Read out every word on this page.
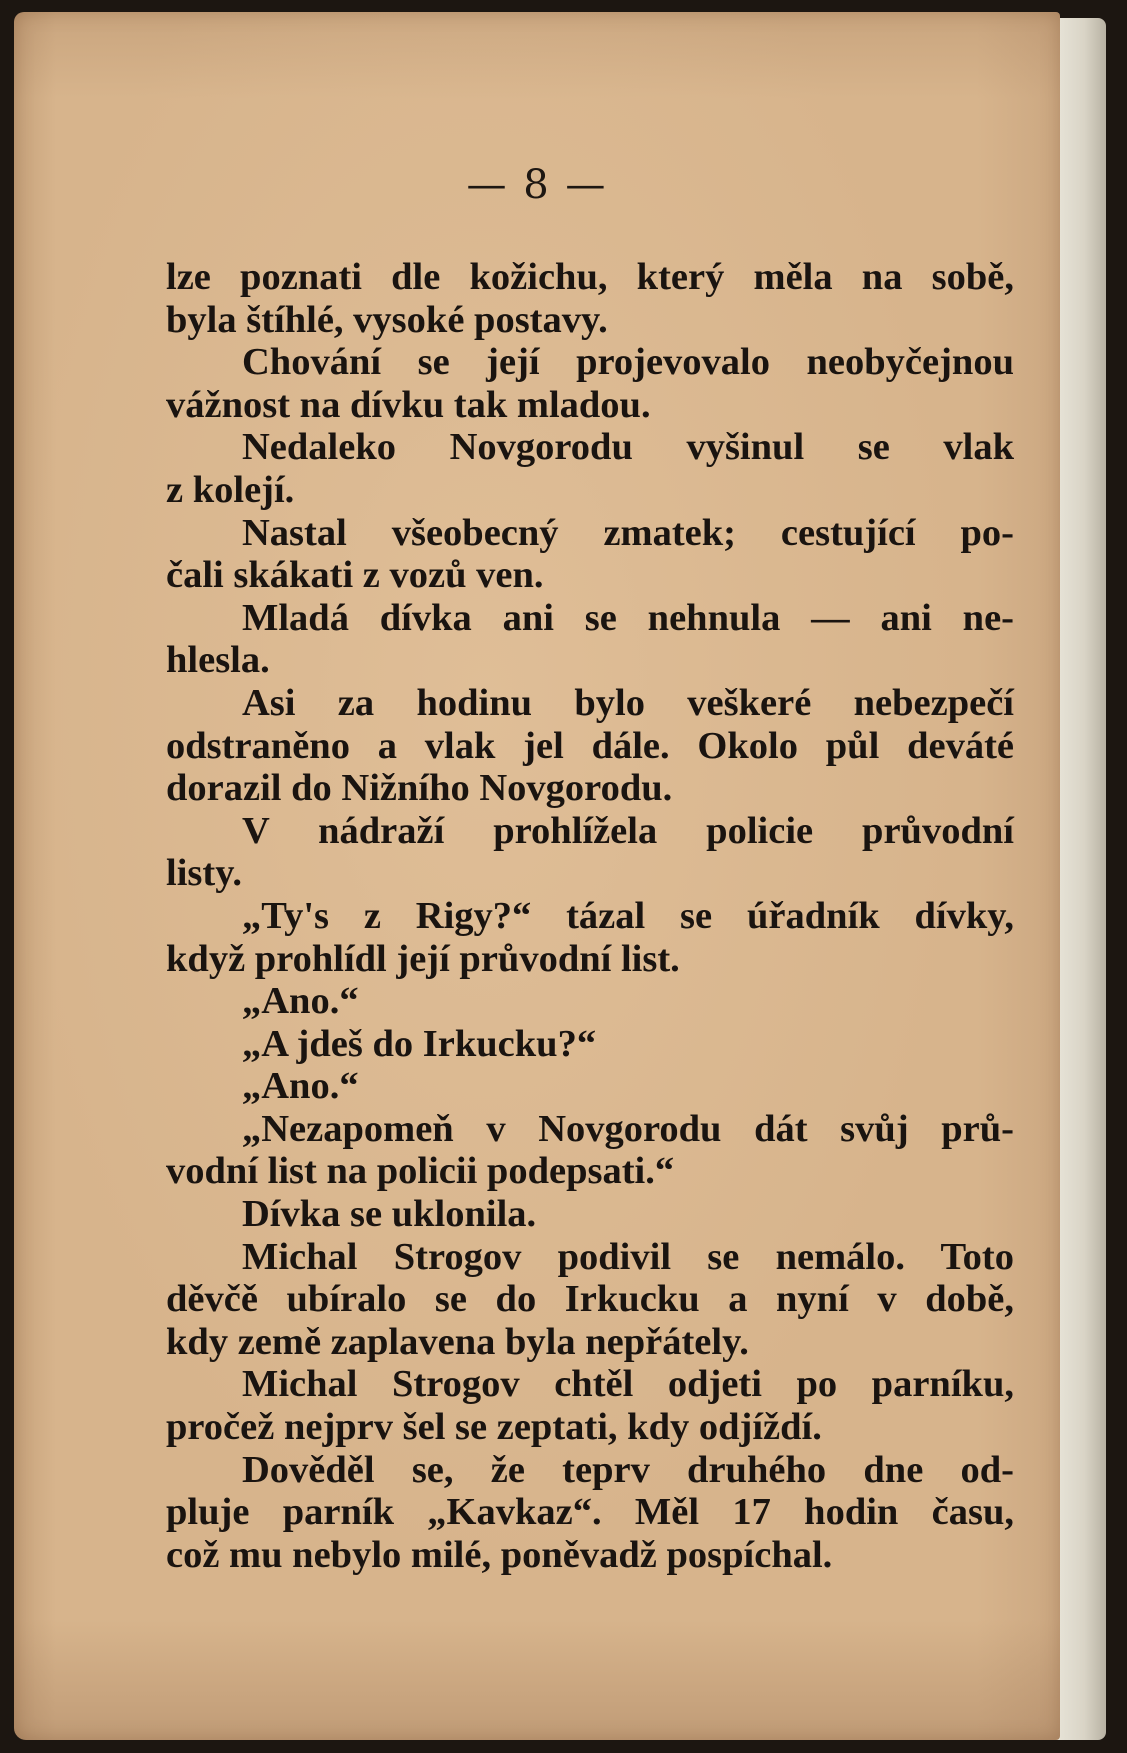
— 8 —
lze poznati dle kožichu, který měla na sobě,
byla štíhlé, vysoké postavy.
Chování se její projevovalo neobyčejnou
vážnost na dívku tak mladou.
Nedaleko Novgorodu vyšinul se vlak
z kolejí.
Nastal všeobecný zmatek; cestující po-
čali skákati z vozů ven.
Mladá dívka ani se nehnula — ani ne-
hlesla.
Asi za hodinu bylo veškeré nebezpečí
odstraněno a vlak jel dále. Okolo půl deváté
dorazil do Nižního Novgorodu.
V nádraží prohlížela policie průvodní
listy.
„Ty's z Rigy?“ tázal se úřadník dívky,
když prohlídl její průvodní list.
„Ano.“
„A jdeš do Irkucku?“
„Ano.“
„Nezapomeň v Novgorodu dát svůj prů-
vodní list na policii podepsati.“
Dívka se uklonila.
Michal Strogov podivil se nemálo. Toto
děvčě ubíralo se do Irkucku a nyní v době,
kdy země zaplavena byla nepřátely.
Michal Strogov chtěl odjeti po parníku,
pročež nejprv šel se zeptati, kdy odjíždí.
Dověděl se, že teprv druhého dne od-
pluje parník „Kavkaz“. Měl 17 hodin času,
což mu nebylo milé, poněvadž pospíchal.
